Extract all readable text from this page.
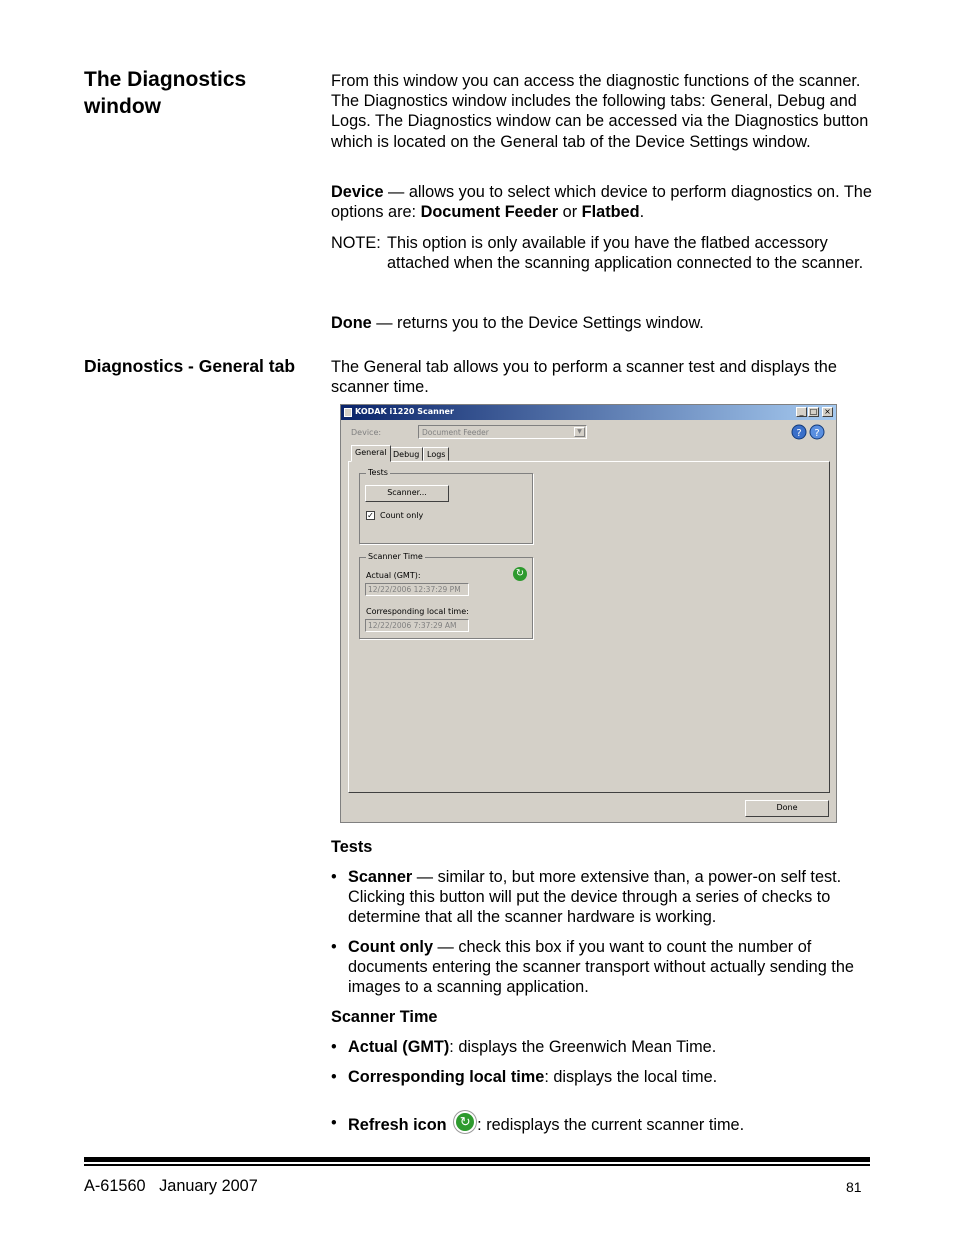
The Diagnostics window
From this window you can access the diagnostic functions of the scanner. The Diagnostics window includes the following tabs: General, Debug and Logs. The Diagnostics window can be accessed via the Diagnostics button which is located on the General tab of the Device Settings window.
Device — allows you to select which device to perform diagnostics on. The options are: Document Feeder or Flatbed.
NOTE: This option is only available if you have the flatbed accessory attached when the scanning application connected to the scanner.
Done — returns you to the Device Settings window.
Diagnostics - General tab	The General tab allows you to perform a scanner test and displays the scanner time.
KODAK i1220 Scanner	_ □ ×
Device:	Document Feeder	▼	? ?
General Debug Logs
Tests
Scanner...
✓ Count only
Scanner Time
Actual (GMT):
12/22/2006 12:37:29 PM
↻
Corresponding local time:
12/22/2006 7:37:29 AM
Done
Tests
• Scanner — similar to, but more extensive than, a power-on self test. Clicking this button will put the device through a series of checks to determine that all the scanner hardware is working.
• Count only — check this box if you want to count the number of documents entering the scanner transport without actually sending the images to a scanning application.
Scanner Time
• Actual (GMT): displays the Greenwich Mean Time.
• Corresponding local time: displays the local time.
• Refresh icon ↻ : redisplays the current scanner time.
A-61560   January 2007	81
